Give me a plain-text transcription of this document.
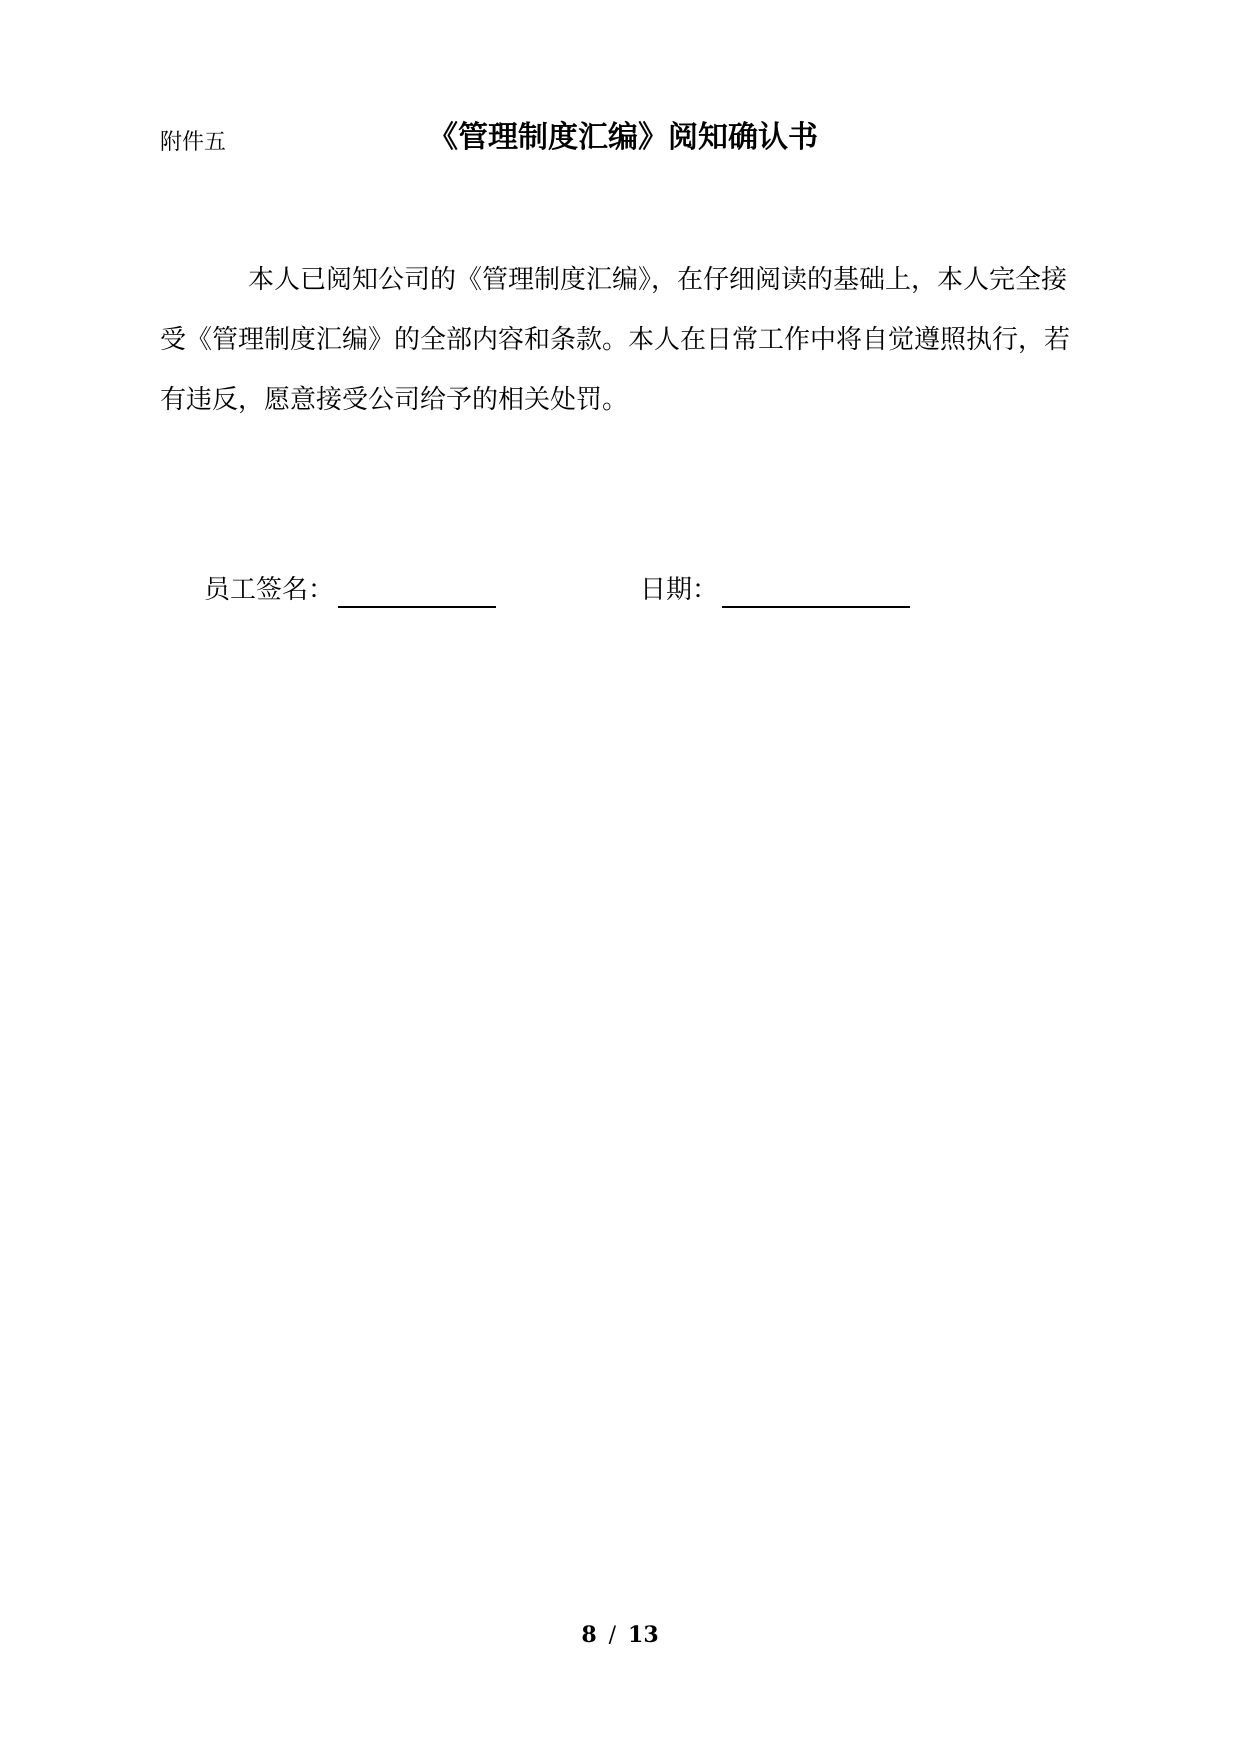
附件五	《管理制度汇编》阅知确认书

本人已阅知公司的《管理制度汇编》，在仔细阅读的基础上，本人完全接受《管理制度汇编》的全部内容和条款。本人在日常工作中将自觉遵照执行，若有违反，愿意接受公司给予的相关处罚。

员工签名：	日期：
8 / 13
